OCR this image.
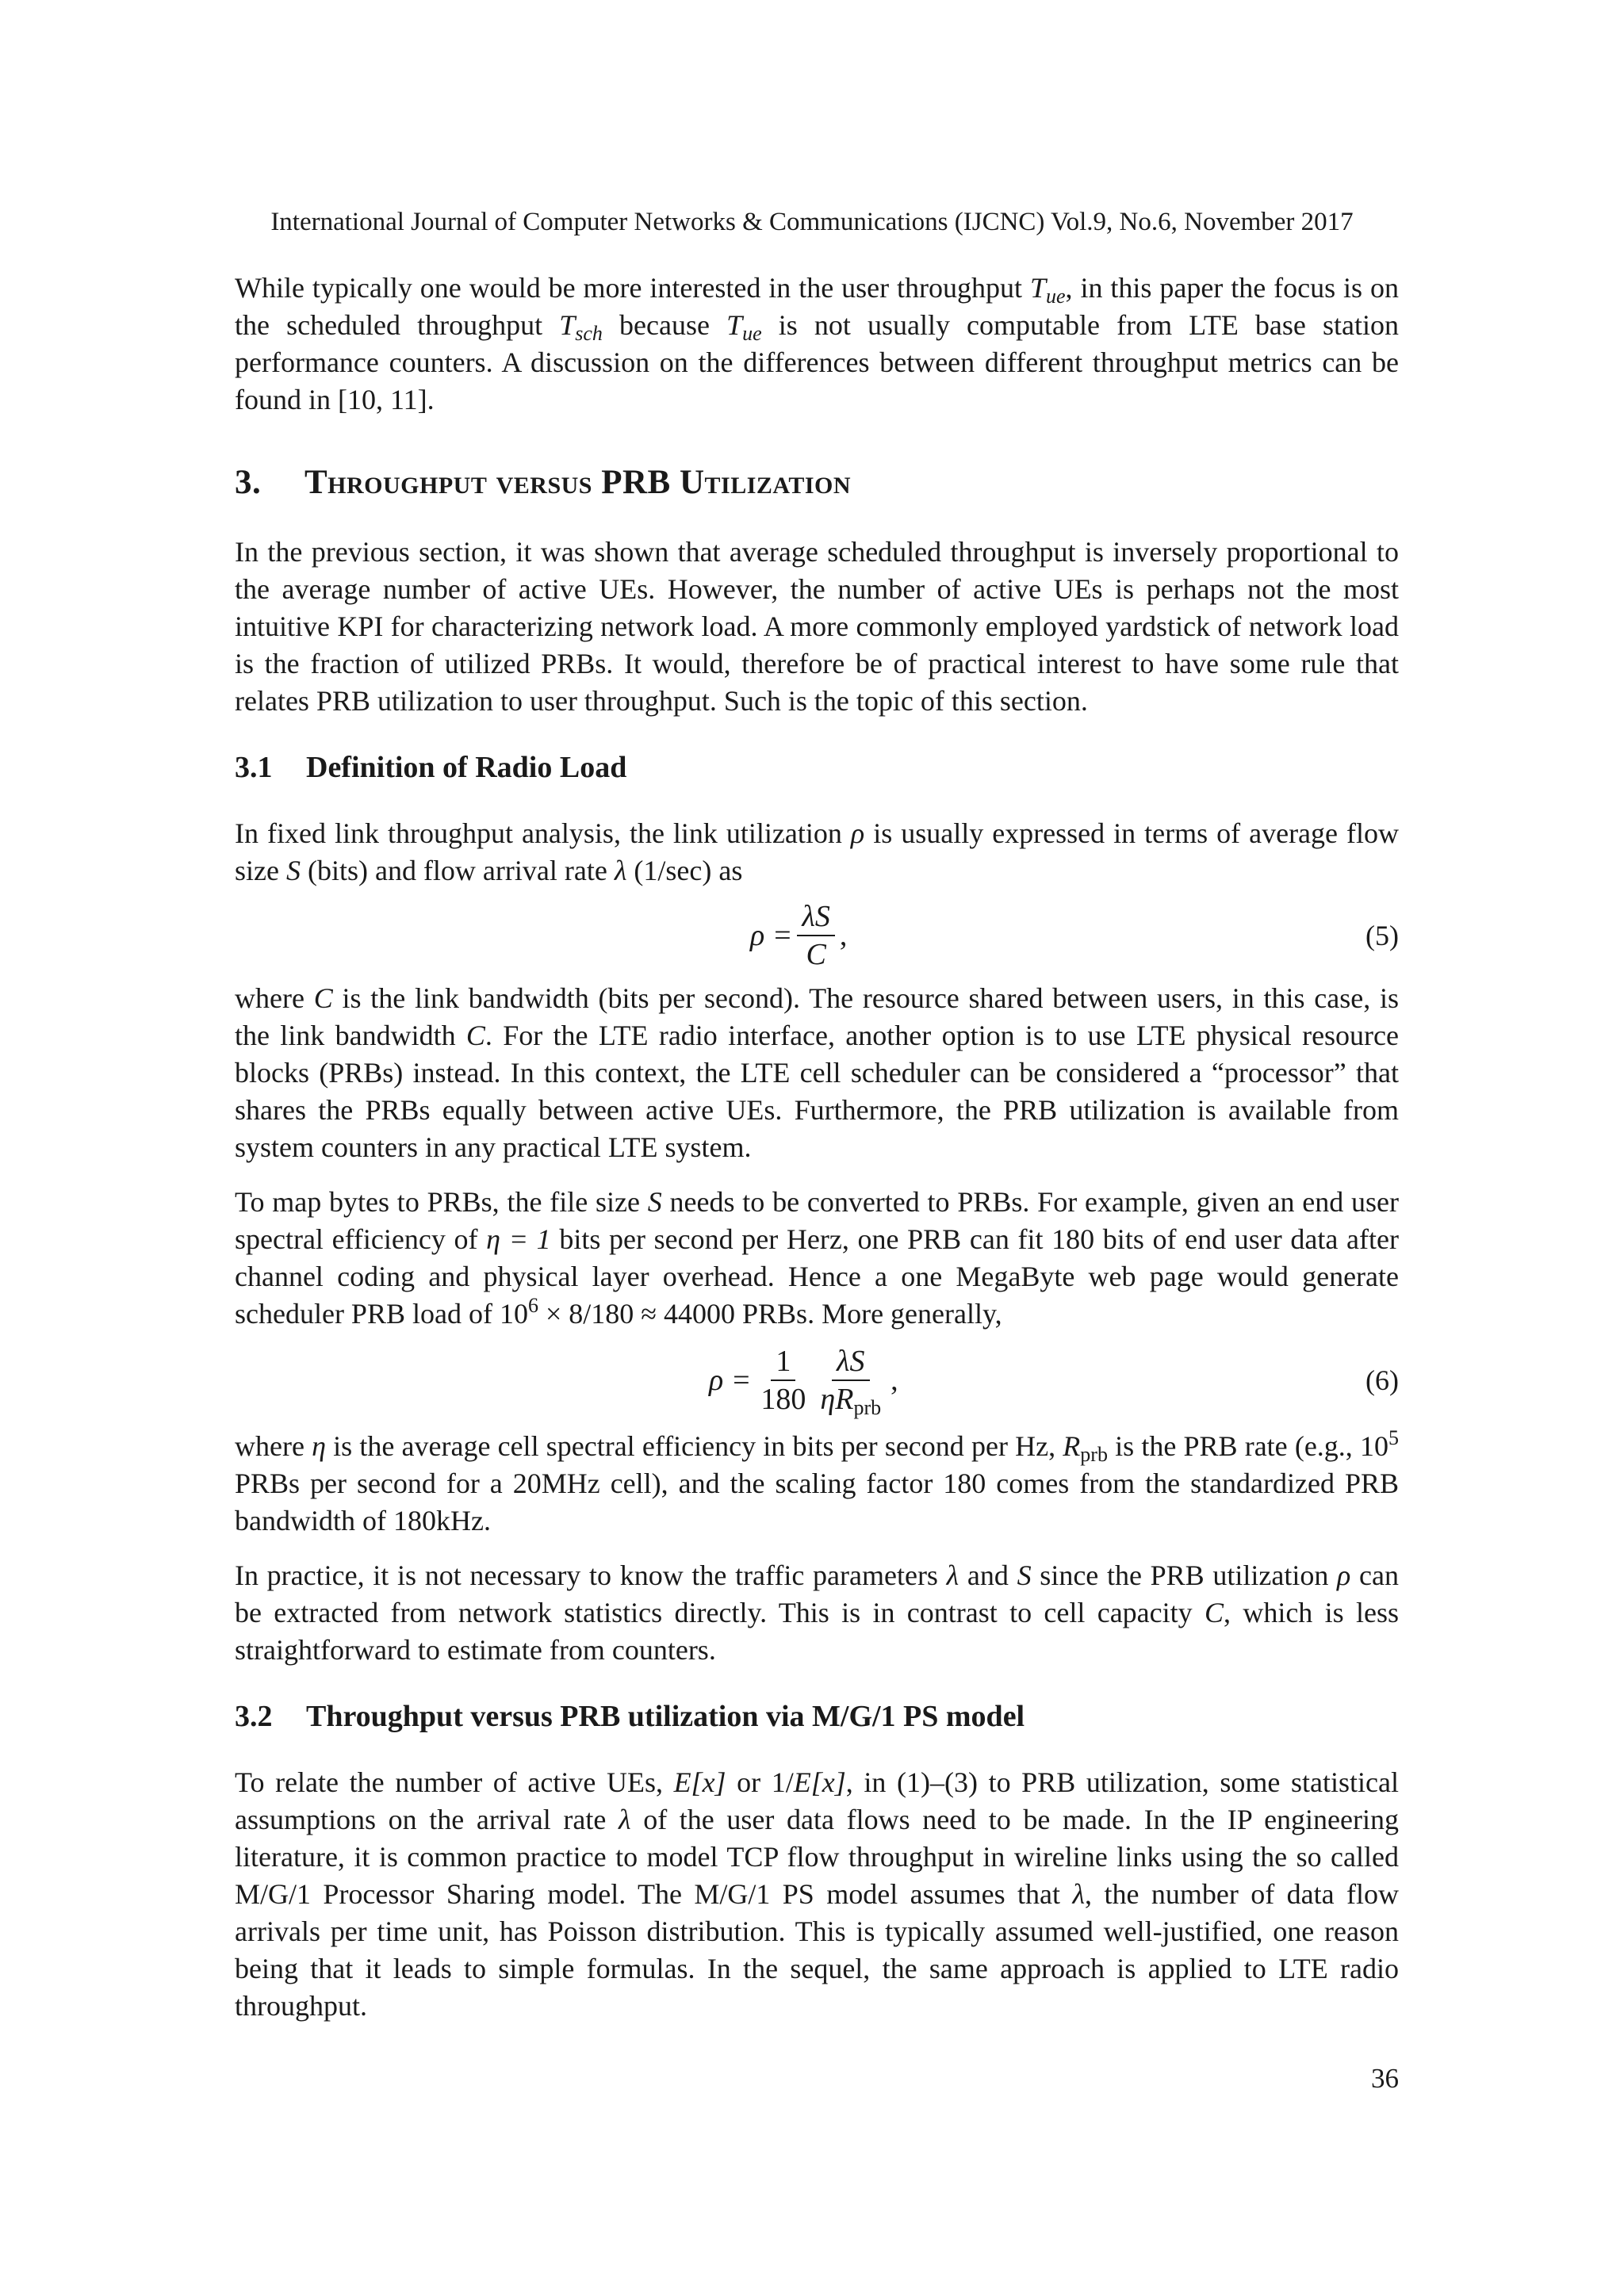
International Journal of Computer Networks & Communications (IJCNC) Vol.9, No.6, November 2017

While typically one would be more interested in the user throughput $T_{ue}$, in this paper the focus is on the scheduled throughput $T_{sch}$ because $T_{ue}$ is not usually computable from LTE base station performance counters. A discussion on the differences between different throughput metrics can be found in [10, 11].

3. Throughput versus PRB Utilization

In the previous section, it was shown that average scheduled throughput is inversely proportional to the average number of active UEs. However, the number of active UEs is perhaps not the most intuitive KPI for characterizing network load. A more commonly employed yardstick of network load is the fraction of utilized PRBs. It would, therefore be of practical interest to have some rule that relates PRB utilization to user throughput. Such is the topic of this section.

3.1 Definition of Radio Load

In fixed link throughput analysis, the link utilization ρ is usually expressed in terms of average flow size S (bits) and flow arrival rate λ (1/sec) as

$\rho = \frac{\lambda S}{C}$ ,	(5)

where C is the link bandwidth (bits per second). The resource shared between users, in this case, is the link bandwidth C. For the LTE radio interface, another option is to use LTE physical resource blocks (PRBs) instead. In this context, the LTE cell scheduler can be considered a “processor” that shares the PRBs equally between active UEs. Furthermore, the PRB utilization is available from system counters in any practical LTE system.

To map bytes to PRBs, the file size S needs to be converted to PRBs. For example, given an end user spectral efficiency of η = 1 bits per second per Herz, one PRB can fit 180 bits of end user data after channel coding and physical layer overhead. Hence a one MegaByte web page would generate scheduler PRB load of $10^6 \times 8/180 \approx 44000$ PRBs. More generally,

$\rho = \frac{1}{180} \frac{\lambda S}{\eta R_{prb}}$ ,	(6)

where η is the average cell spectral efficiency in bits per second per Hz, $R_{prb}$ is the PRB rate (e.g., $10^5$ PRBs per second for a 20MHz cell), and the scaling factor 180 comes from the standardized PRB bandwidth of 180kHz.

In practice, it is not necessary to know the traffic parameters λ and S since the PRB utilization ρ can be extracted from network statistics directly. This is in contrast to cell capacity C, which is less straightforward to estimate from counters.

3.2 Throughput versus PRB utilization via M/G/1 PS model

To relate the number of active UEs, E[x] or 1/E[x], in (1)–(3) to PRB utilization, some statistical assumptions on the arrival rate λ of the user data flows need to be made. In the IP engineering literature, it is common practice to model TCP flow throughput in wireline links using the so called M/G/1 Processor Sharing model. The M/G/1 PS model assumes that λ, the number of data flow arrivals per time unit, has Poisson distribution. This is typically assumed well-justified, one reason being that it leads to simple formulas. In the sequel, the same approach is applied to LTE radio throughput.

36
